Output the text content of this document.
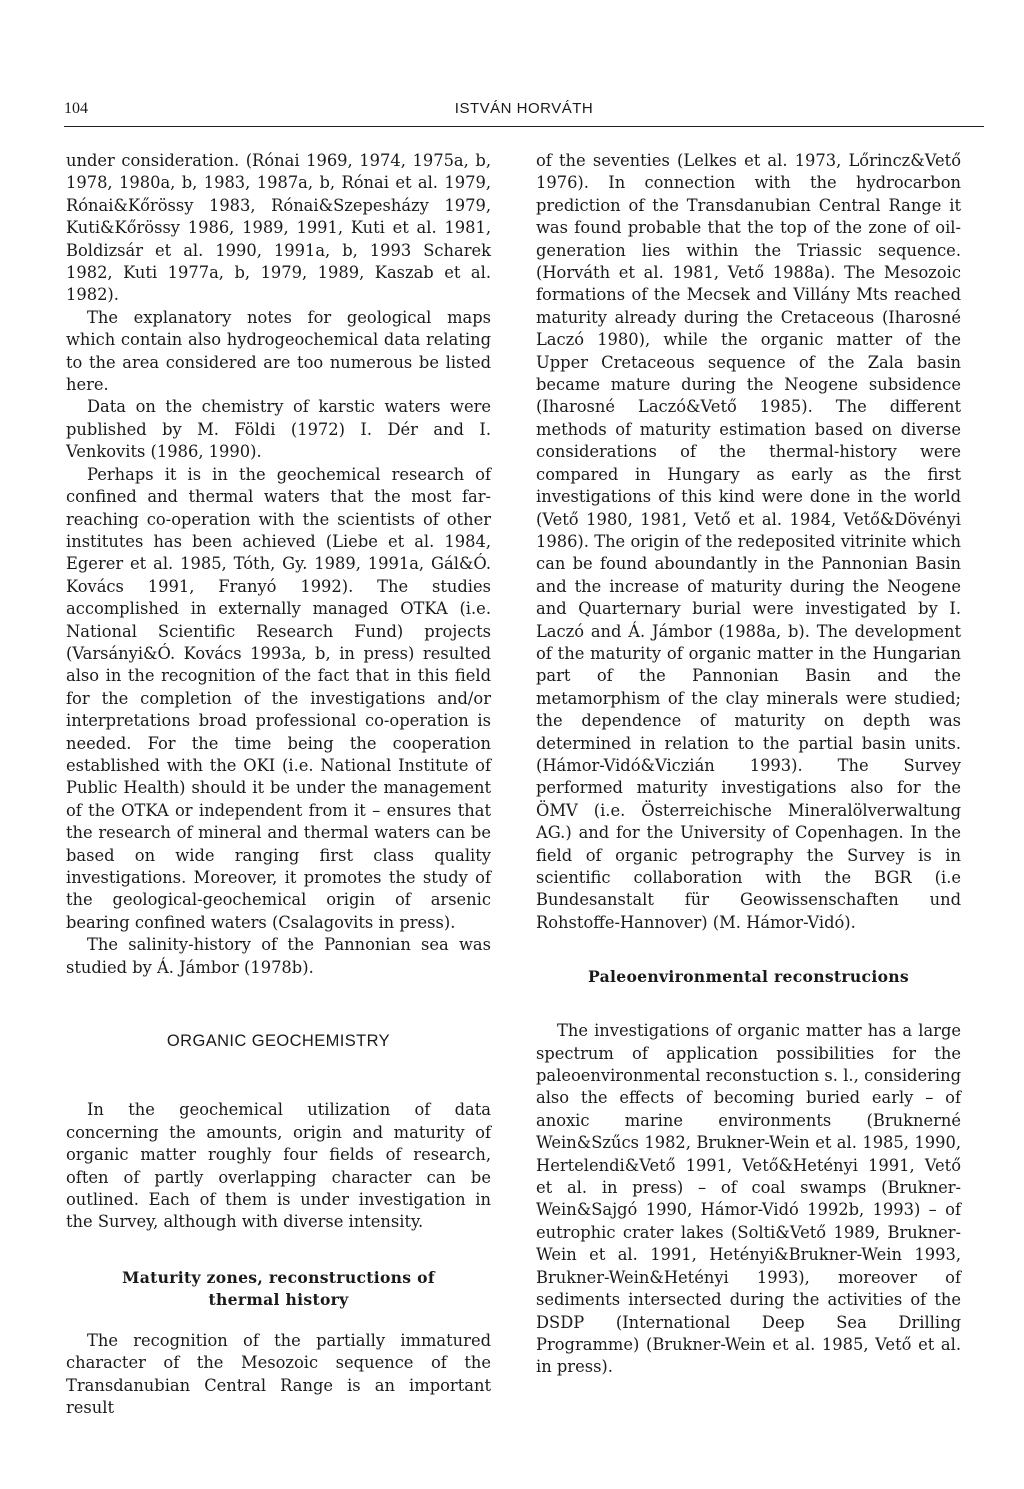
104	ISTVÁN HORVÁTH

under consideration. (Rónai 1969, 1974, 1975a, b, 1978, 1980a, b, 1983, 1987a, b, Rónai et al. 1979, Rónai&Kőrössy 1983, Rónai&Szepesházy 1979, Kuti&Kőrössy 1986, 1989, 1991, Kuti et al. 1981, Boldizsár et al. 1990, 1991a, b, 1993 Scharek 1982, Kuti 1977a, b, 1979, 1989, Kaszab et al. 1982).

The explanatory notes for geological maps which contain also hydrogeochemical data relating to the area considered are too numerous be listed here.

Data on the chemistry of karstic waters were published by M. Földi (1972) I. Dér and I. Venkovits (1986, 1990).

Perhaps it is in the geochemical research of confined and thermal waters that the most far-reaching co-operation with the scientists of other institutes has been achieved (Liebe et al. 1984, Egerer et al. 1985, Tóth, Gy. 1989, 1991a, Gál&Ó. Kovács 1991, Franyó 1992). The studies accomplished in externally managed OTKA (i.e. National Scientific Research Fund) projects (Varsányi&Ó. Kovács 1993a, b, in press) resulted also in the recognition of the fact that in this field for the completion of the investigations and/or interpretations broad professional co-operation is needed. For the time being the cooperation established with the OKI (i.e. National Institute of Public Health) should it be under the management of the OTKA or independent from it – ensures that the research of mineral and thermal waters can be based on wide ranging first class quality investigations. Moreover, it promotes the study of the geological-geochemical origin of arsenic bearing confined waters (Csalagovits in press).

The salinity-history of the Pannonian sea was studied by Á. Jámbor (1978b).

ORGANIC GEOCHEMISTRY

In the geochemical utilization of data concerning the amounts, origin and maturity of organic matter roughly four fields of research, often of partly overlapping character can be outlined. Each of them is under investigation in the Survey, although with diverse intensity.

Maturity zones, reconstructions of thermal history

The recognition of the partially immatured character of the Mesozoic sequence of the Transdanubian Central Range is an important result

of the seventies (Lelkes et al. 1973, Lőrincz&Vető 1976). In connection with the hydrocarbon prediction of the Transdanubian Central Range it was found probable that the top of the zone of oil-generation lies within the Triassic sequence. (Horváth et al. 1981, Vető 1988a). The Mesozoic formations of the Mecsek and Villány Mts reached maturity already during the Cretaceous (Iharosné Laczó 1980), while the organic matter of the Upper Cretaceous sequence of the Zala basin became mature during the Neogene subsidence (Iharosné Laczó&Vető 1985). The different methods of maturity estimation based on diverse considerations of the thermal-history were compared in Hungary as early as the first investigations of this kind were done in the world (Vető 1980, 1981, Vető et al. 1984, Vető&Dövényi 1986). The origin of the redeposited vitrinite which can be found aboundantly in the Pannonian Basin and the increase of maturity during the Neogene and Quarternary burial were investigated by I. Laczó and Á. Jámbor (1988a, b). The development of the maturity of organic matter in the Hungarian part of the Pannonian Basin and the metamorphism of the clay minerals were studied; the dependence of maturity on depth was determined in relation to the partial basin units. (Hámor-Vidó&Viczián 1993). The Survey performed maturity investigations also for the ÖMV (i.e. Österreichische Mineralölverwaltung AG.) and for the University of Copenhagen. In the field of organic petrography the Survey is in scientific collaboration with the BGR (i.e Bundesanstalt für Geowissenschaften und Rohstoffe-Hannover) (M. Hámor-Vidó).

Paleoenvironmental reconstrucions

The investigations of organic matter has a large spectrum of application possibilities for the paleoenvironmental reconstuction s. l., considering also the effects of becoming buried early – of anoxic marine environments (Bruknerné Wein&Szűcs 1982, Brukner-Wein et al. 1985, 1990, Hertelendi&Vető 1991, Vető&Hetényi 1991, Vető et al. in press) – of coal swamps (Brukner-Wein&Sajgó 1990, Hámor-Vidó 1992b, 1993) – of eutrophic crater lakes (Solti&Vető 1989, Brukner-Wein et al. 1991, Hetényi&Brukner-Wein 1993, Brukner-Wein&Hetényi 1993), moreover of sediments intersected during the activities of the DSDP (International Deep Sea Drilling Programme) (Brukner-Wein et al. 1985, Vető et al. in press).
